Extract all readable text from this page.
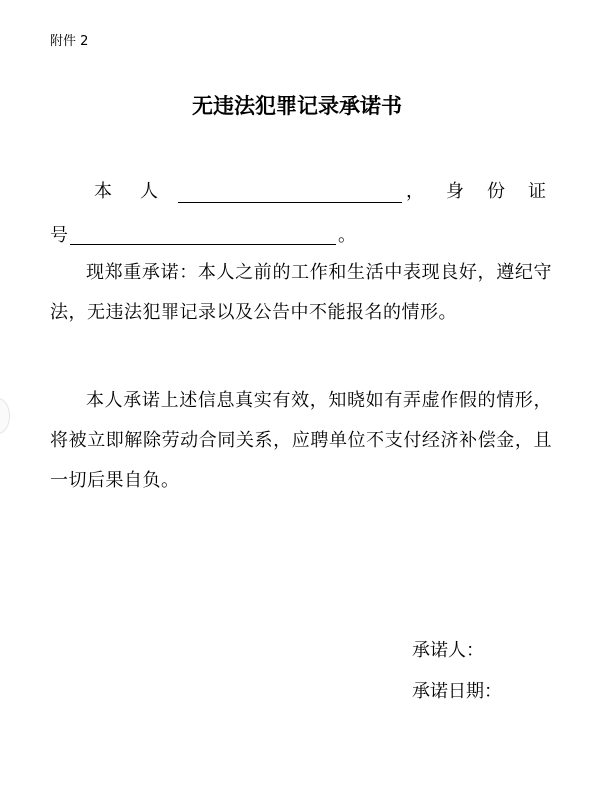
附件 2
无违法犯罪记录承诺书
本人	， 身份证
号	。
现郑重承诺：本人之前的工作和生活中表现良好，遵纪守法，无违法犯罪记录以及公告中不能报名的情形。
本人承诺上述信息真实有效，知晓如有弄虚作假的情形，将被立即解除劳动合同关系，应聘单位不支付经济补偿金，且一切后果自负。
承诺人：
承诺日期：
